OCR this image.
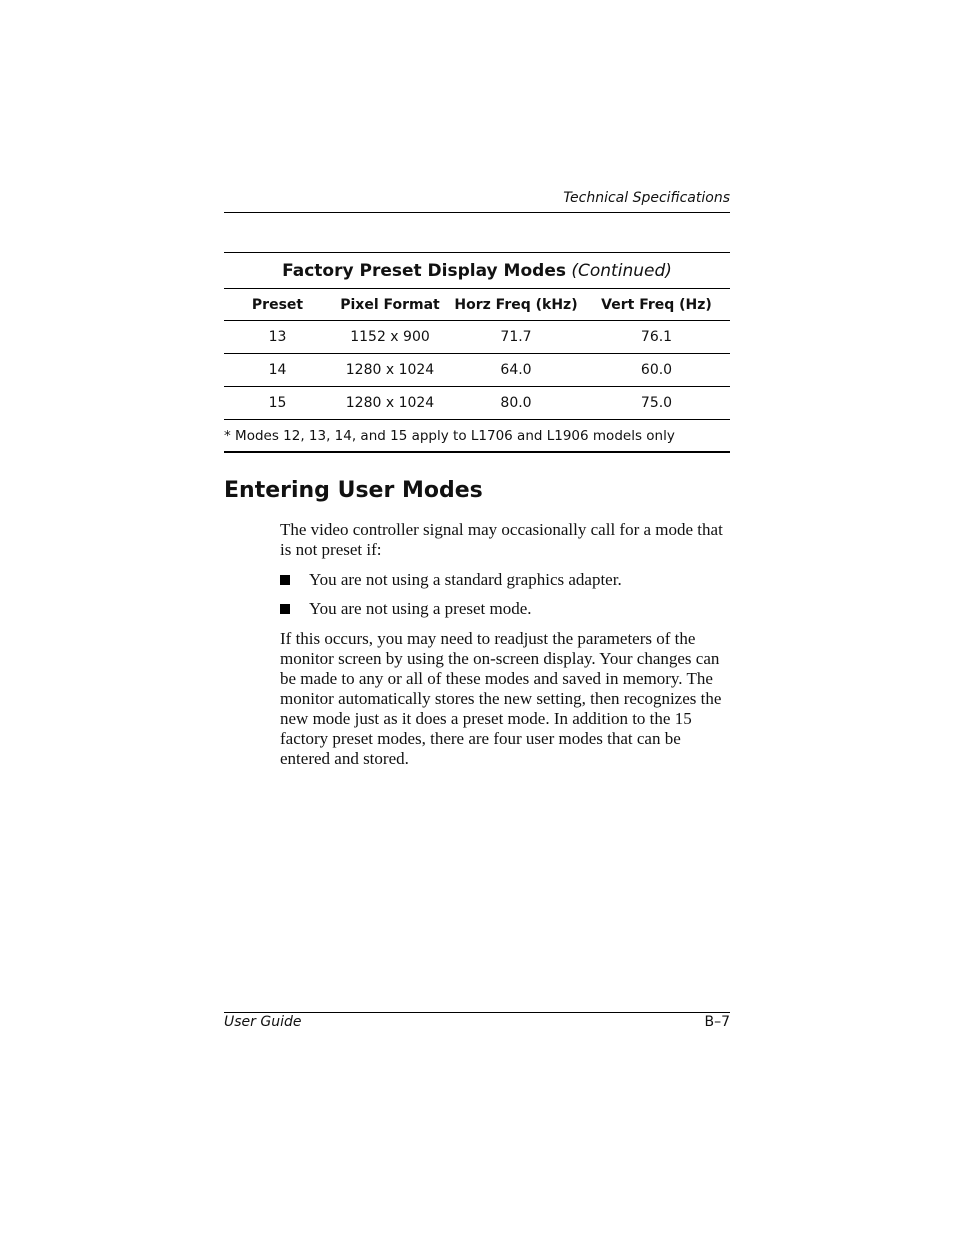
Technical Specifications
Factory Preset Display Modes (Continued)			
Preset	Pixel Format	Horz Freq (kHz)	Vert Freq (Hz)
13	1152 x 900	71.7	76.1
14	1280 x 1024	64.0	60.0
15	1280 x 1024	80.0	75.0
* Modes 12, 13, 14, and 15 apply to L1706 and L1906 models only			
Entering User Modes

The video controller signal may occasionally call for a mode that is not preset if:

You are not using a standard graphics adapter.
You are not using a preset mode.

If this occurs, you may need to readjust the parameters of the monitor screen by using the on-screen display. Your changes can be made to any or all of these modes and saved in memory. The monitor automatically stores the new setting, then recognizes the new mode just as it does a preset mode. In addition to the 15 factory preset modes, there are four user modes that can be entered and stored.

User Guide	B–7
